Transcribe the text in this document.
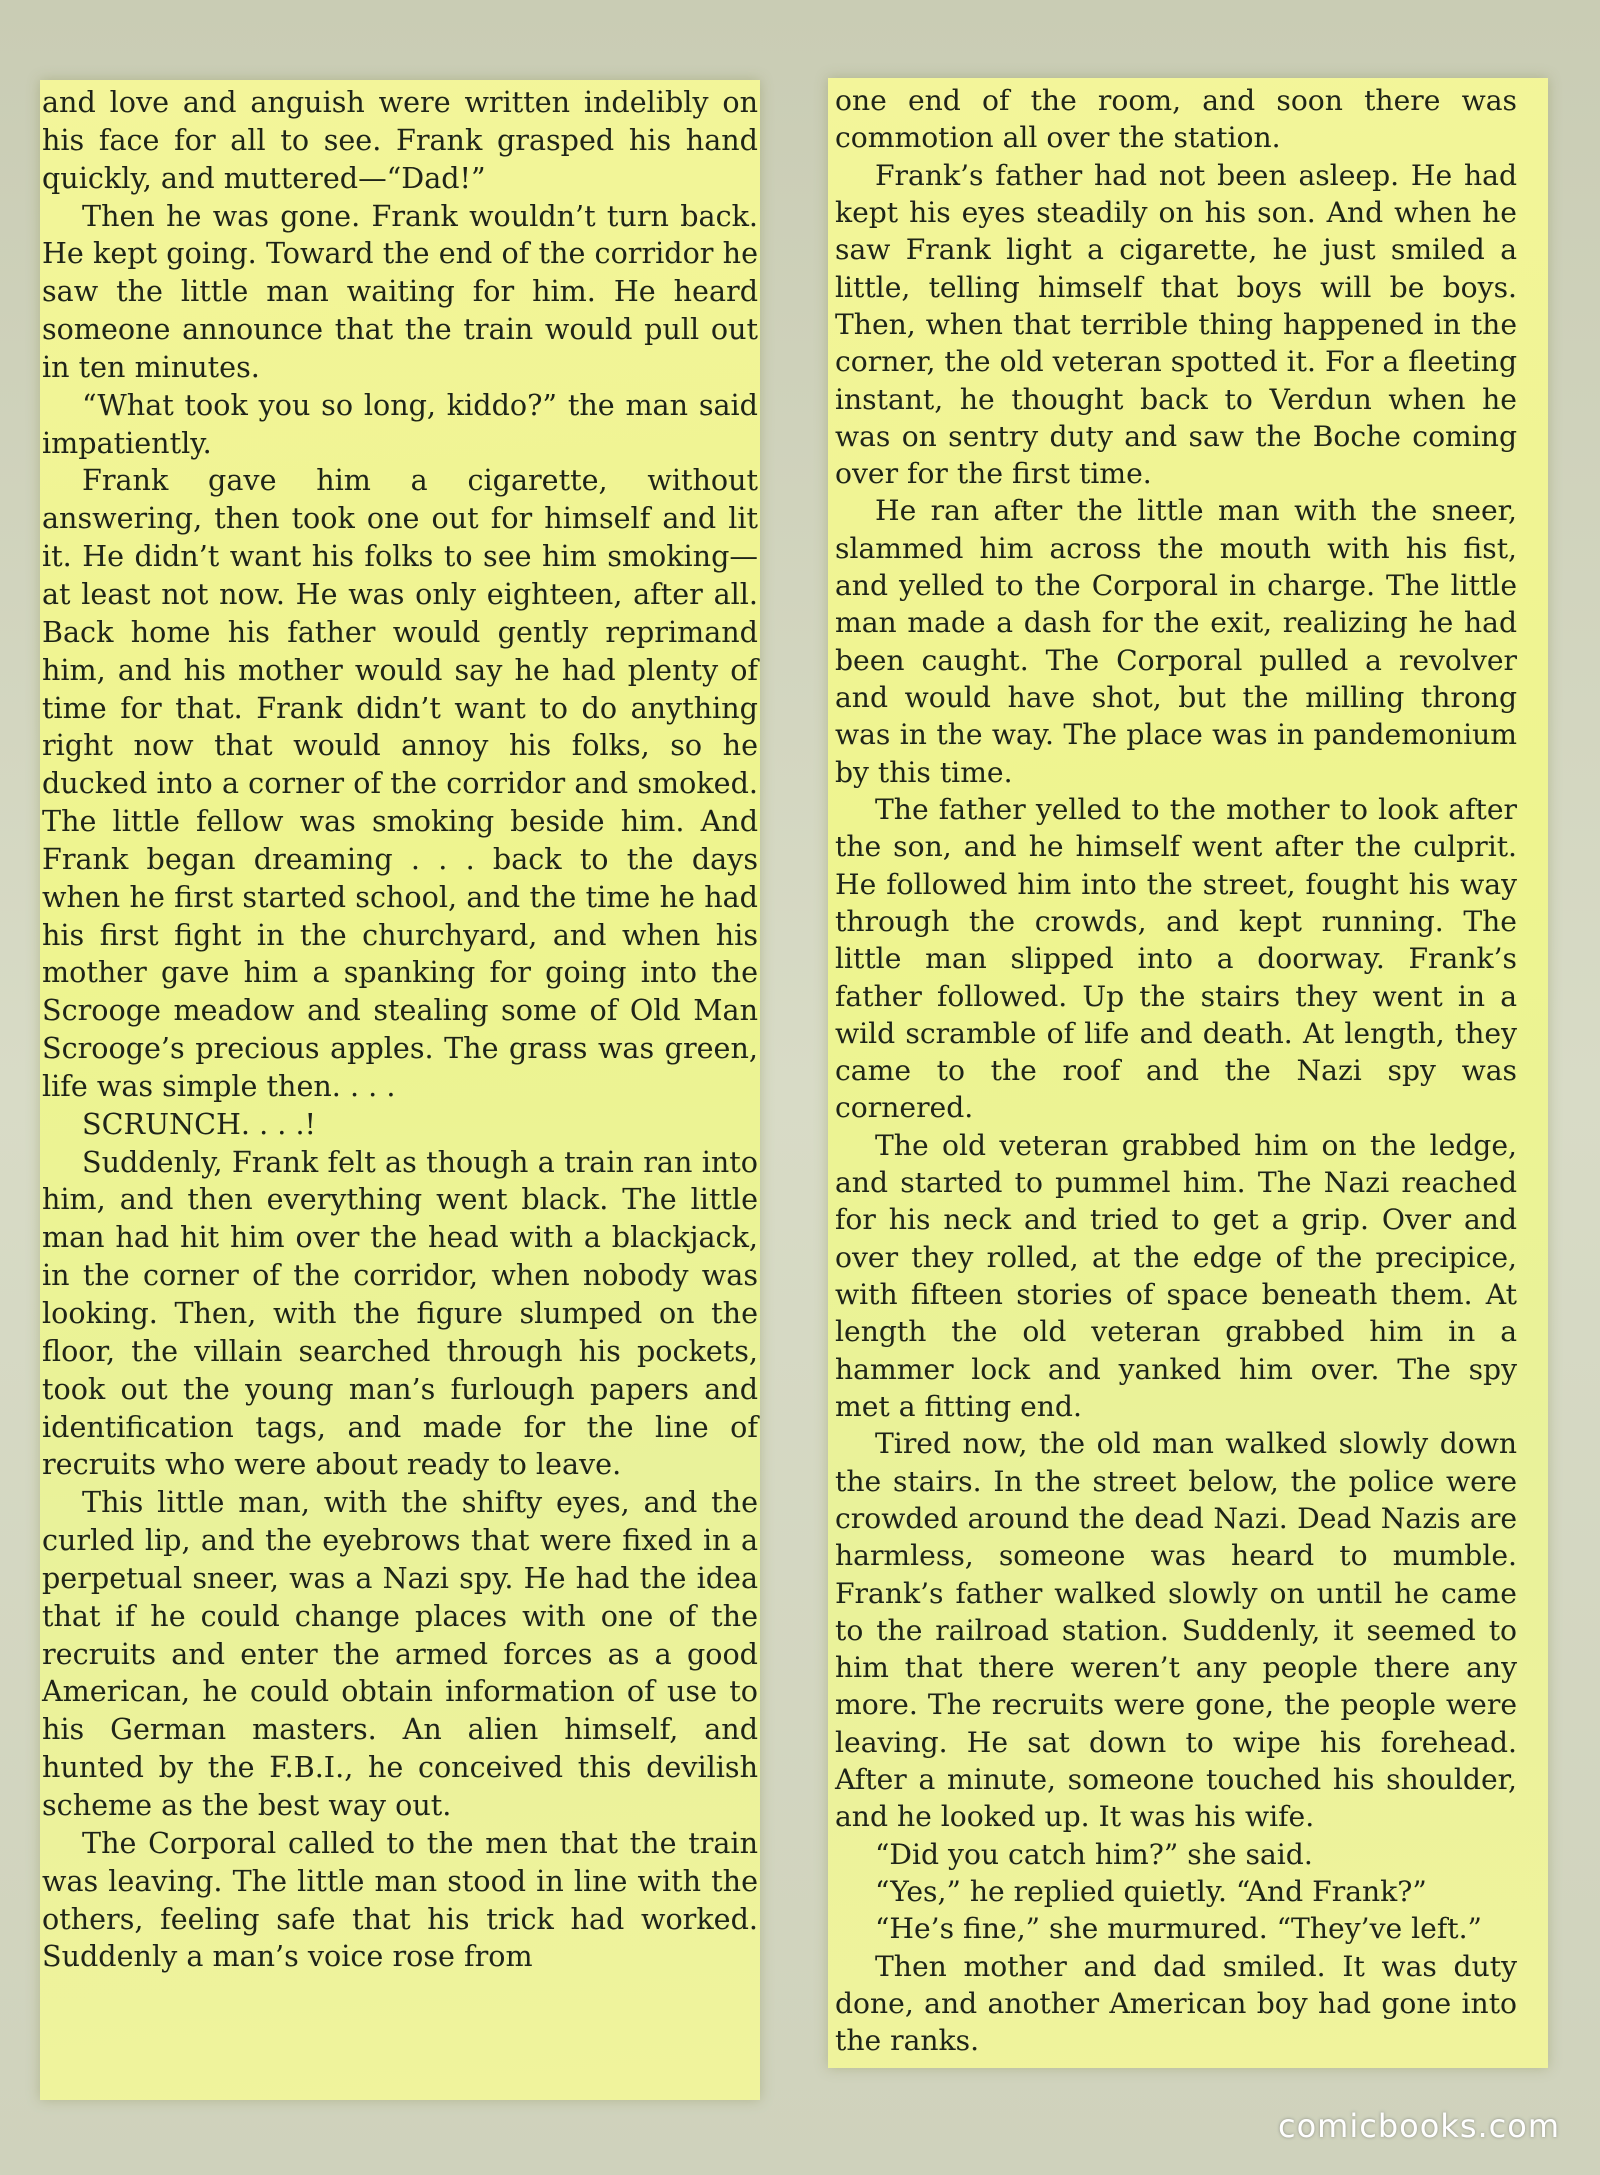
and love and anguish were written indelibly on his face for all to see. Frank grasped his hand quickly, and muttered—“Dad!”

Then he was gone. Frank wouldn’t turn back. He kept going. Toward the end of the corridor he saw the little man waiting for him. He heard someone announce that the train would pull out in ten minutes.

“What took you so long, kiddo?” the man said impatiently.

Frank gave him a cigarette, without answering, then took one out for himself and lit it. He didn’t want his folks to see him smoking—at least not now. He was only eighteen, after all. Back home his father would gently reprimand him, and his mother would say he had plenty of time for that. Frank didn’t want to do anything right now that would annoy his folks, so he ducked into a corner of the corridor and smoked. The little fellow was smoking beside him. And Frank began dreaming . . . back to the days when he first started school, and the time he had his first fight in the churchyard, and when his mother gave him a spanking for going into the Scrooge meadow and stealing some of Old Man Scrooge’s precious apples. The grass was green, life was simple then. . . .

SCRUNCH. . . .!

Suddenly, Frank felt as though a train ran into him, and then everything went black. The little man had hit him over the head with a blackjack, in the corner of the corridor, when nobody was looking. Then, with the figure slumped on the floor, the villain searched through his pockets, took out the young man’s furlough papers and identification tags, and made for the line of recruits who were about ready to leave.

This little man, with the shifty eyes, and the curled lip, and the eyebrows that were fixed in a perpetual sneer, was a Nazi spy. He had the idea that if he could change places with one of the recruits and enter the armed forces as a good American, he could obtain information of use to his German masters. An alien himself, and hunted by the F.B.I., he conceived this devilish scheme as the best way out.

The Corporal called to the men that the train was leaving. The little man stood in line with the others, feeling safe that his trick had worked. Suddenly a man’s voice rose from

one end of the room, and soon there was commotion all over the station.

Frank’s father had not been asleep. He had kept his eyes steadily on his son. And when he saw Frank light a cigarette, he just smiled a little, telling himself that boys will be boys. Then, when that terrible thing happened in the corner, the old veteran spotted it. For a fleeting instant, he thought back to Verdun when he was on sentry duty and saw the Boche coming over for the first time.

He ran after the little man with the sneer, slammed him across the mouth with his fist, and yelled to the Corporal in charge. The little man made a dash for the exit, realizing he had been caught. The Corporal pulled a revolver and would have shot, but the milling throng was in the way. The place was in pandemonium by this time.

The father yelled to the mother to look after the son, and he himself went after the culprit. He followed him into the street, fought his way through the crowds, and kept running. The little man slipped into a doorway. Frank’s father followed. Up the stairs they went in a wild scramble of life and death. At length, they came to the roof and the Nazi spy was cornered.

The old veteran grabbed him on the ledge, and started to pummel him. The Nazi reached for his neck and tried to get a grip. Over and over they rolled, at the edge of the precipice, with fifteen stories of space beneath them. At length the old veteran grabbed him in a hammer lock and yanked him over. The spy met a fitting end.

Tired now, the old man walked slowly down the stairs. In the street below, the police were crowded around the dead Nazi. Dead Nazis are harmless, someone was heard to mumble. Frank’s father walked slowly on until he came to the railroad station. Suddenly, it seemed to him that there weren’t any people there any more. The recruits were gone, the people were leaving. He sat down to wipe his forehead. After a minute, someone touched his shoulder, and he looked up. It was his wife.

“Did you catch him?” she said.

“Yes,” he replied quietly. “And Frank?”

“He’s fine,” she murmured. “They’ve left.”

Then mother and dad smiled. It was duty done, and another American boy had gone into the ranks.

comicbooks.com
